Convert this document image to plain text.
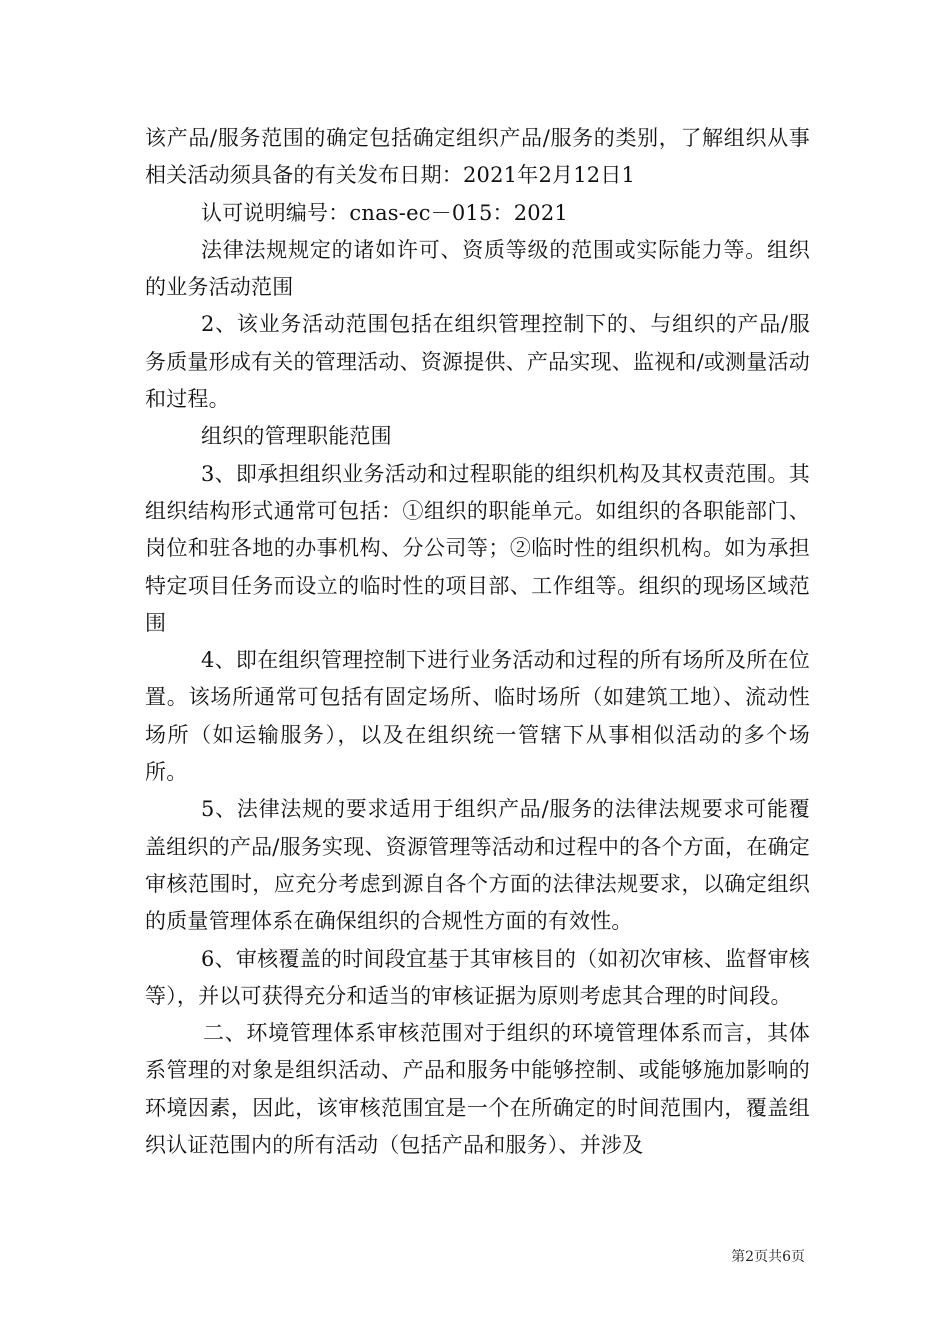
该产品/服务范围的确定包括确定组织产品/服务的类别，了解组织从事相关活动须具备的有关发布日期：2021年2月12日1

认可说明编号：cnas-ec－015：2021

法律法规规定的诸如许可、资质等级的范围或实际能力等。组织的业务活动范围

2、该业务活动范围包括在组织管理控制下的、与组织的产品/服务质量形成有关的管理活动、资源提供、产品实现、监视和/或测量活动和过程。

组织的管理职能范围

3、即承担组织业务活动和过程职能的组织机构及其权责范围。其组织结构形式通常可包括：①组织的职能单元。如组织的各职能部门、岗位和驻各地的办事机构、分公司等；②临时性的组织机构。如为承担特定项目任务而设立的临时性的项目部、工作组等。组织的现场区域范围

4、即在组织管理控制下进行业务活动和过程的所有场所及所在位置。该场所通常可包括有固定场所、临时场所（如建筑工地）、流动性场所（如运输服务），以及在组织统一管辖下从事相似活动的多个场所。

5、法律法规的要求适用于组织产品/服务的法律法规要求可能覆盖组织的产品/服务实现、资源管理等活动和过程中的各个方面，在确定审核范围时，应充分考虑到源自各个方面的法律法规要求，以确定组织的质量管理体系在确保组织的合规性方面的有效性。

6、审核覆盖的时间段宜基于其审核目的（如初次审核、监督审核等），并以可获得充分和适当的审核证据为原则考虑其合理的时间段。

二、环境管理体系审核范围对于组织的环境管理体系而言，其体系管理的对象是组织活动、产品和服务中能够控制、或能够施加影响的环境因素，因此，该审核范围宜是一个在所确定的时间范围内，覆盖组织认证范围内的所有活动（包括产品和服务）、并涉及

第2页共6页
